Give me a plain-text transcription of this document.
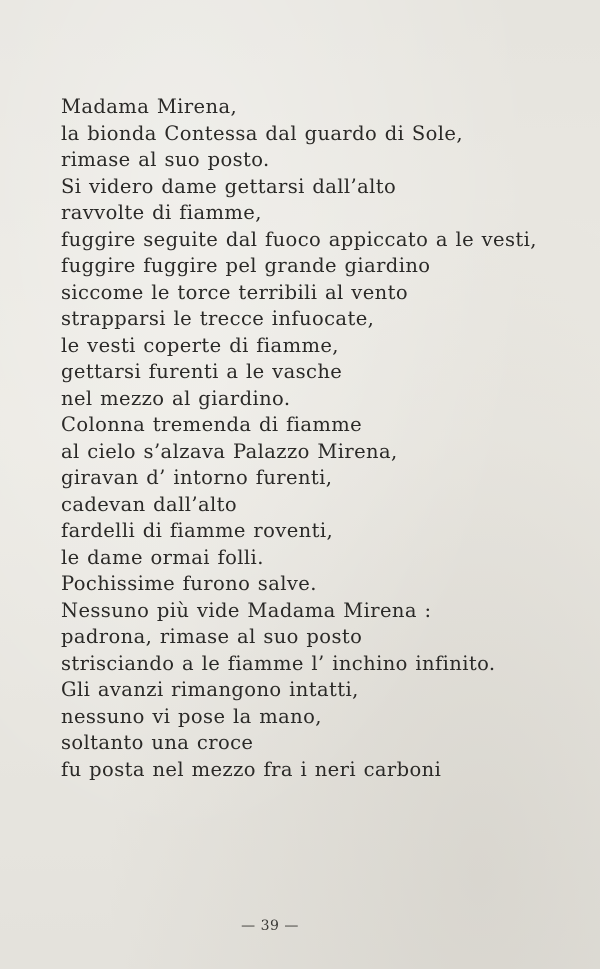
Madama Mirena,
la bionda Contessa dal guardo di Sole,
rimase al suo posto.
Si videro dame gettarsi dall’alto
ravvolte di fiamme,
fuggire seguite dal fuoco appiccato a le vesti,
fuggire fuggire pel grande giardino
siccome le torce terribili al vento
strapparsi le trecce infuocate,
le vesti coperte di fiamme,
gettarsi furenti a le vasche
nel mezzo al giardino.
Colonna tremenda di fiamme
al cielo s’alzava Palazzo Mirena,
giravan d’ intorno furenti,
cadevan dall’alto
fardelli di fiamme roventi,
le dame ormai folli.
Pochissime furono salve.
Nessuno più vide Madama Mirena :
padrona, rimase al suo posto
strisciando a le fiamme l’ inchino infinito.
Gli avanzi rimangono intatti,
nessuno vi pose la mano,
soltanto una croce
fu posta nel mezzo fra i neri carboni
— 39 —
